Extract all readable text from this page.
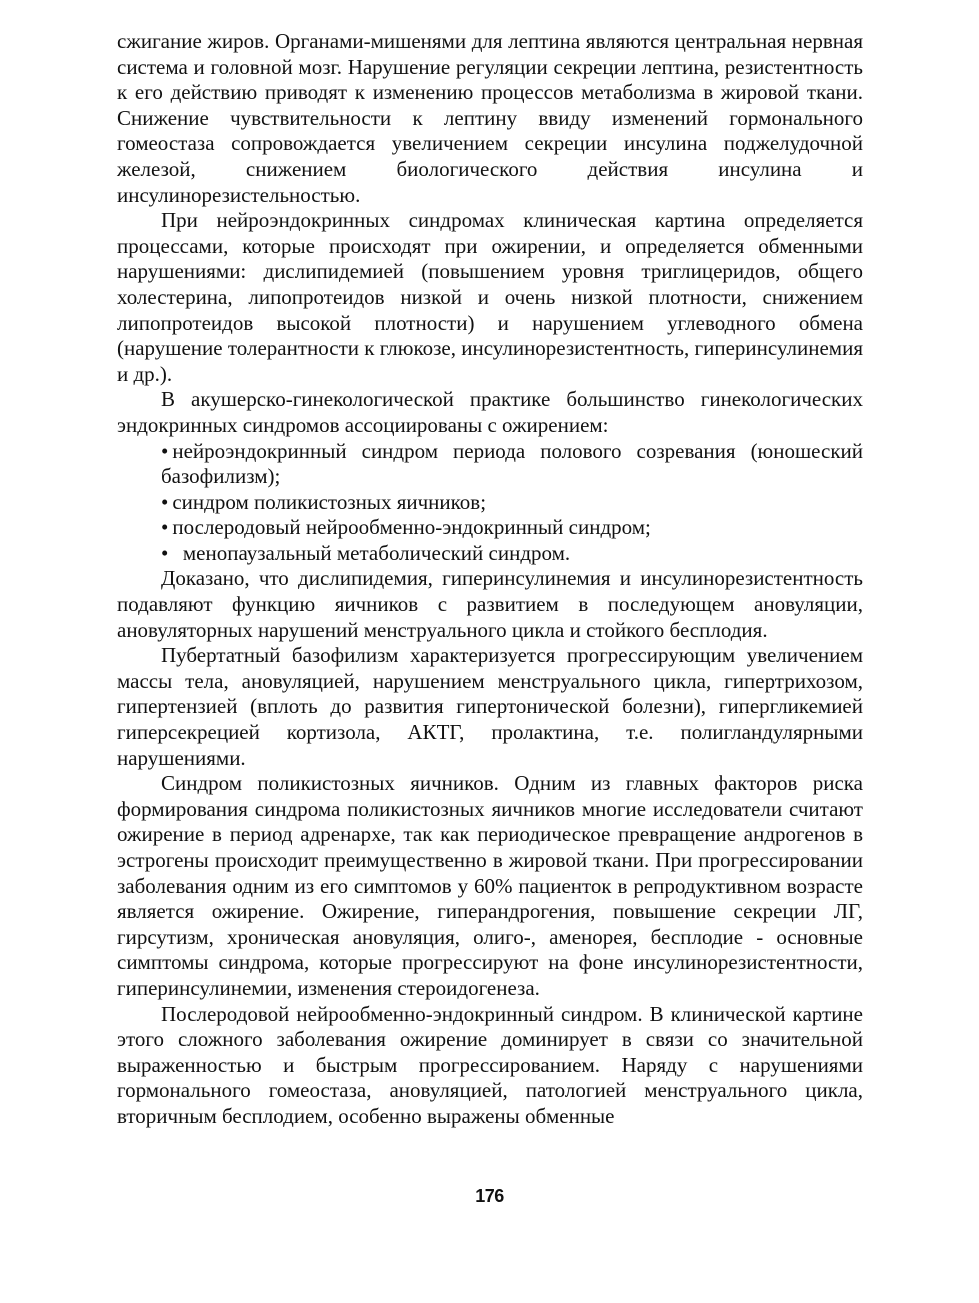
сжигание жиров. Органами-мишенями для лептина являются центральная нервная система и головной мозг. Нарушение регуляции секреции лептина, резистентность к его действию приводят к изменению процессов метаболизма в жировой ткани. Снижение чувствительности к лептину ввиду изменений гормонального гомеостаза сопровождается увеличением секреции инсулина поджелудочной железой, снижением биологического действия инсулина и инсулинорезистельностью.

При нейроэндокринных синдромах клиническая картина определяется процессами, которые происходят при ожирении, и определяется обменными нарушениями: дислипидемией (повышением уровня триглицеридов, общего холестерина, липопротеидов низкой и очень низкой плотности, снижением липопротеидов высокой плотности) и нарушением углеводного обмена (нарушение толерантности к глюкозе, инсулинорезистентность, гиперинсулинемия и др.).

В акушерско-гинекологической практике большинство гинекологических эндокринных синдромов ассоциированы с ожирением:

• нейроэндокринный синдром периода полового созревания (юношеский базофилизм);
• синдром поликистозных яичников;
• послеродовый нейрообменно-эндокринный синдром;
•  менопаузальный метаболический синдром.

Доказано, что дислипидемия, гиперинсулинемия и инсулинорезистентность подавляют функцию яичников с развитием в последующем ановуляции, ановуляторных нарушений менструального цикла и стойкого бесплодия.

Пубертатный базофилизм характеризуется прогрессирующим увеличением массы тела, ановуляцией, нарушением менструального цикла, гипертрихозом, гипертензией (вплоть до развития гипертонической болезни), гипергликемией гиперсекрецией кортизола, АКТГ, пролактина, т.е. полигландулярными нарушениями.

Синдром поликистозных яичников. Одним из главных факторов риска формирования синдрома поликистозных яичников многие исследователи считают ожирение в период адренархе, так как периодическое превращение андрогенов в эстрогены происходит преимущественно в жировой ткани. При прогрессировании заболевания одним из его симптомов у 60% пациенток в репродуктивном возрасте является ожирение. Ожирение, гиперандрогения, повышение секреции ЛГ, гирсутизм, хроническая ановуляция, олиго-, аменорея, бесплодие - основные симптомы синдрома, которые прогрессируют на фоне инсулинорезистентности, гиперинсулинемии, изменения стероидогенеза.

Послеродовой нейрообменно-эндокринный синдром. В клинической картине этого сложного заболевания ожирение доминирует в связи со значительной выраженностью и быстрым прогрессированием. Наряду с нарушениями гормонального гомеостаза, ановуляцией, патологией менструального цикла, вторичным бесплодием, особенно выражены обменные

176
